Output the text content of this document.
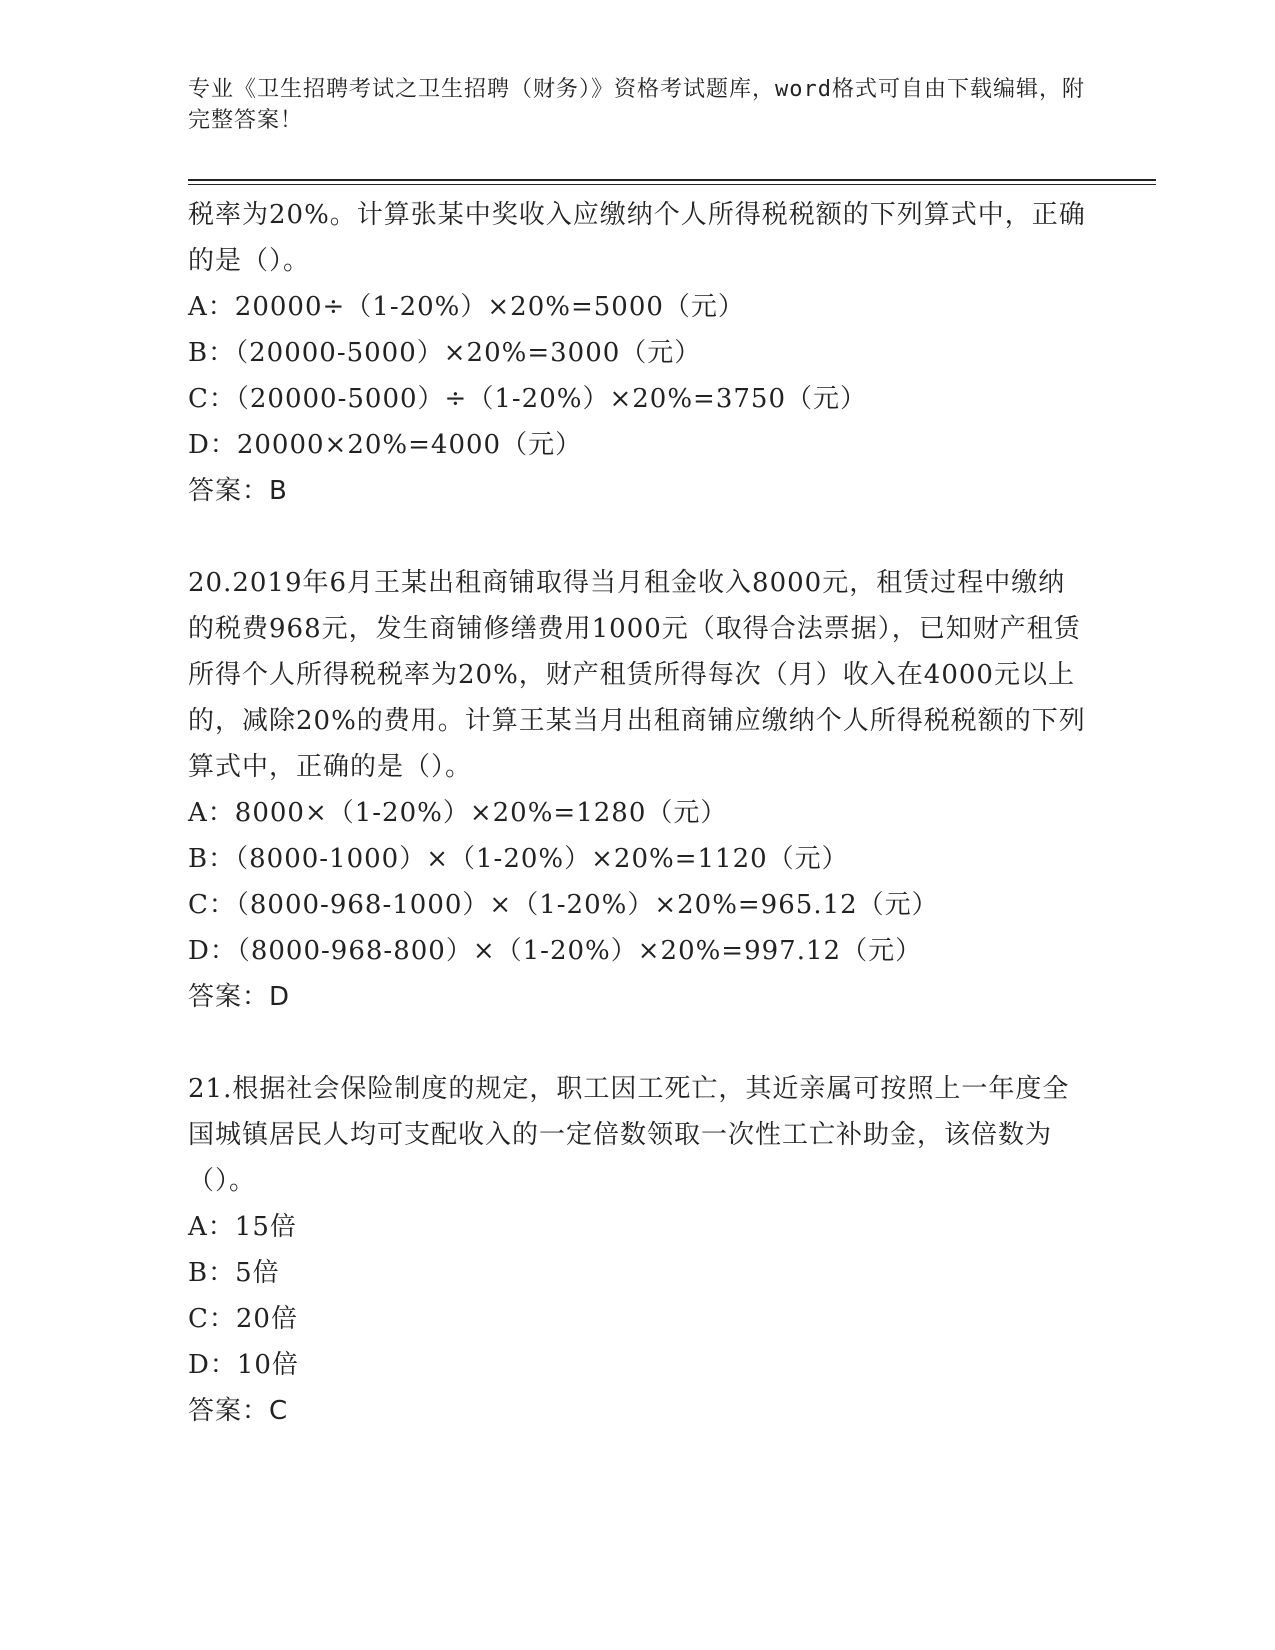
专业《卫生招聘考试之卫生招聘（财务）》资格考试题库，word格式可自由下载编辑，附完整答案！
税率为20%。计算张某中奖收入应缴纳个人所得税税额的下列算式中，正确的是（）。
A：20000÷（1-20%）×20%=5000（元）
B：（20000-5000）×20%=3000（元）
C：（20000-5000）÷（1-20%）×20%=3750（元）
D：20000×20%=4000（元）
答案：B
20.2019年6月王某出租商铺取得当月租金收入8000元，租赁过程中缴纳的税费968元，发生商铺修缮费用1000元（取得合法票据），已知财产租赁所得个人所得税税率为20%，财产租赁所得每次（月）收入在4000元以上的，减除20%的费用。计算王某当月出租商铺应缴纳个人所得税税额的下列算式中，正确的是（）。
A：8000×（1-20%）×20%=1280（元）
B：（8000-1000）×（1-20%）×20%=1120（元）
C：（8000-968-1000）×（1-20%）×20%=965.12（元）
D：（8000-968-800）×（1-20%）×20%=997.12（元）
答案：D
21.根据社会保险制度的规定，职工因工死亡，其近亲属可按照上一年度全国城镇居民人均可支配收入的一定倍数领取一次性工亡补助金，该倍数为（）。
A：15倍
B：5倍
C：20倍
D：10倍
答案：C
